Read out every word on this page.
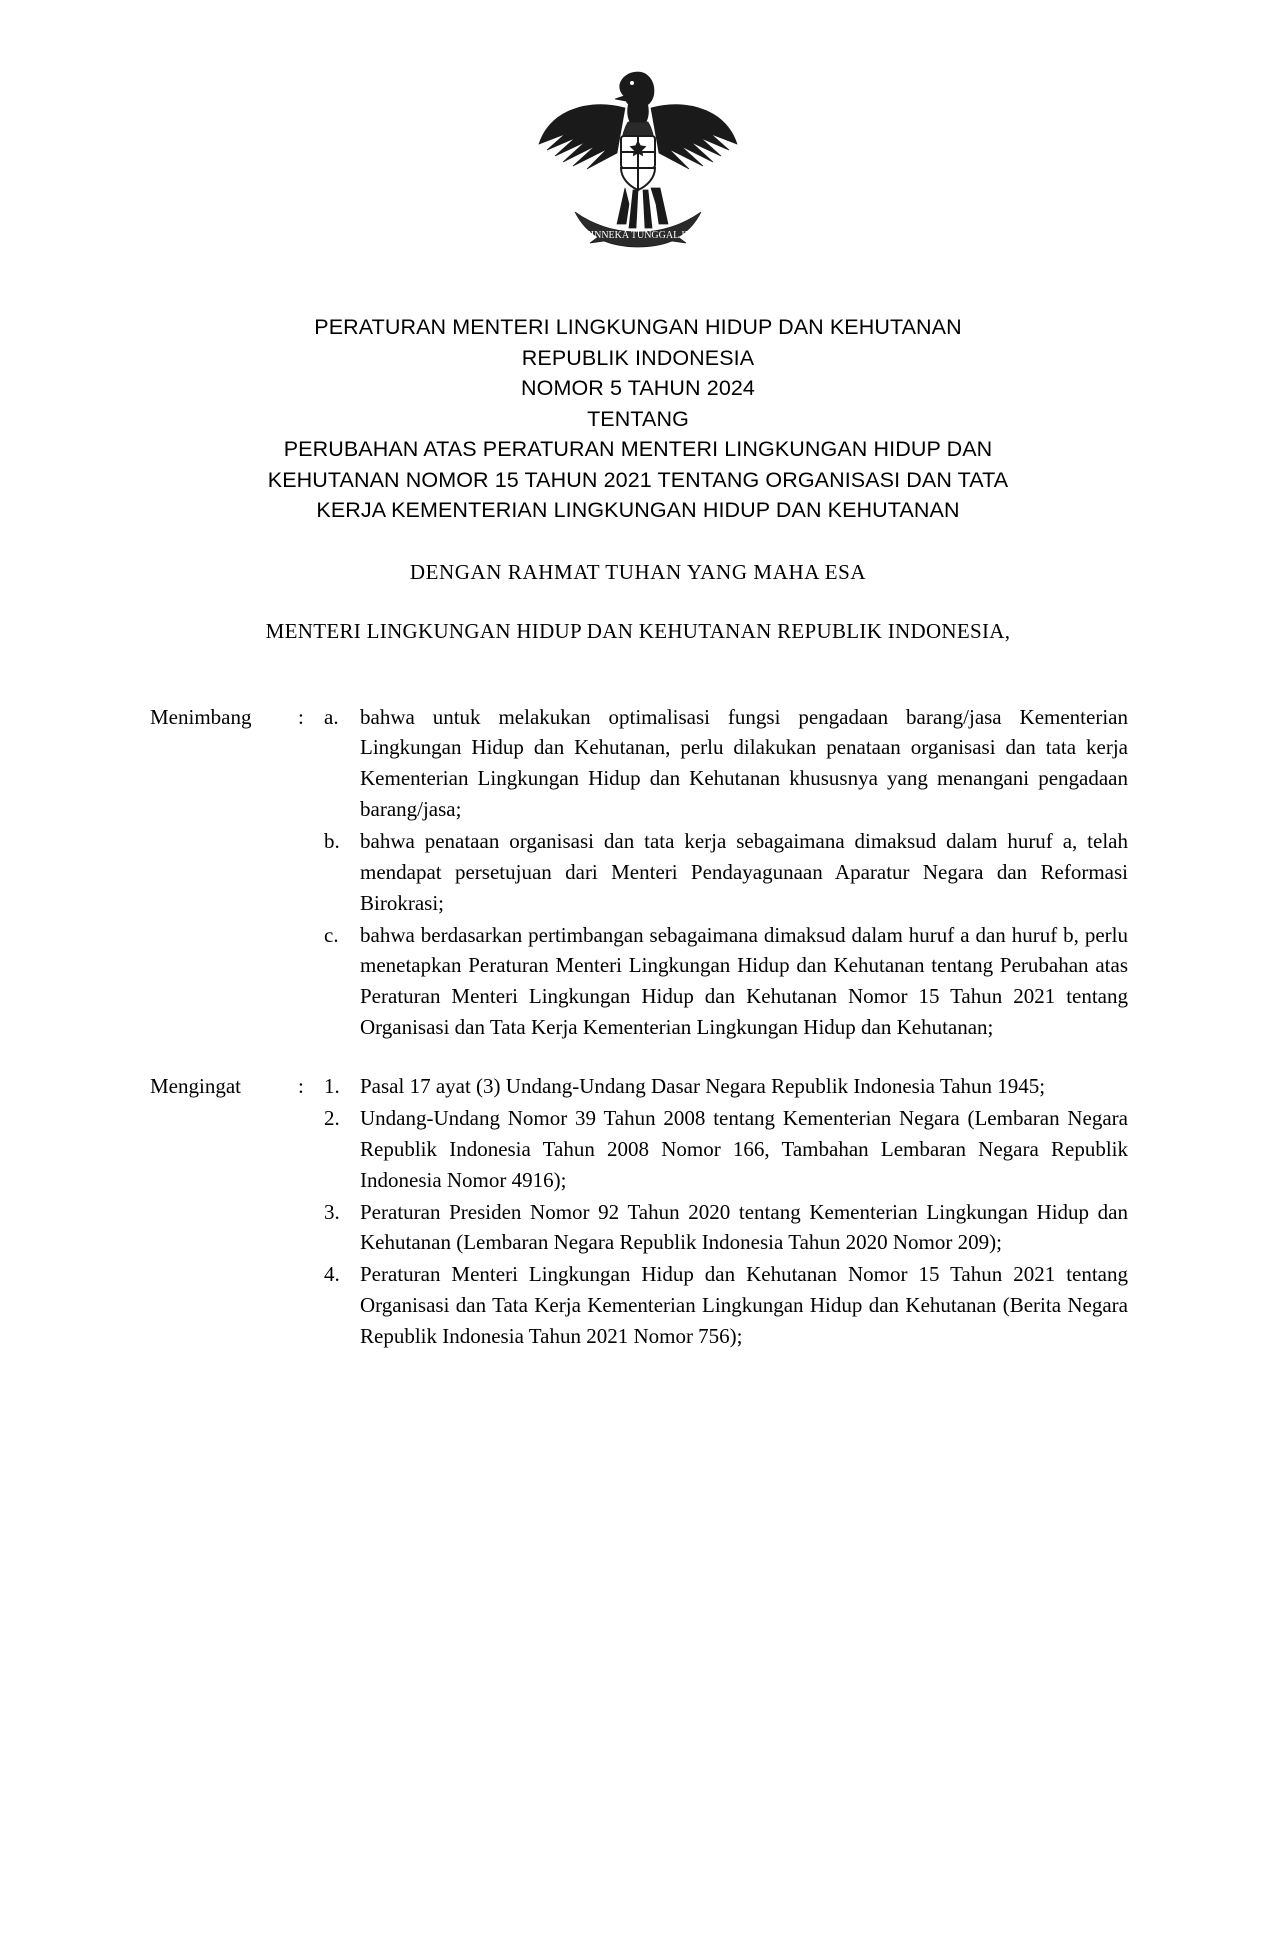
BHINNEKA TUNGGAL IKA
PERATURAN MENTERI LINGKUNGAN HIDUP DAN KEHUTANAN
REPUBLIK INDONESIA
NOMOR 5 TAHUN 2024
TENTANG
PERUBAHAN ATAS PERATURAN MENTERI LINGKUNGAN HIDUP DAN
KEHUTANAN NOMOR 15 TAHUN 2021 TENTANG ORGANISASI DAN TATA
KERJA KEMENTERIAN LINGKUNGAN HIDUP DAN KEHUTANAN
DENGAN RAHMAT TUHAN YANG MAHA ESA
MENTERI LINGKUNGAN HIDUP DAN KEHUTANAN REPUBLIK INDONESIA,
Menimbang	: a.	bahwa untuk melakukan optimalisasi fungsi pengadaan barang/jasa Kementerian Lingkungan Hidup dan Kehutanan, perlu dilakukan penataan organisasi dan tata kerja Kementerian Lingkungan Hidup dan Kehutanan khususnya yang menangani pengadaan barang/jasa;
b. bahwa penataan organisasi dan tata kerja sebagaimana dimaksud dalam huruf a, telah mendapat persetujuan dari Menteri Pendayagunaan Aparatur Negara dan Reformasi Birokrasi;
c.	bahwa berdasarkan pertimbangan sebagaimana dimaksud dalam huruf a dan huruf b, perlu menetapkan Peraturan Menteri Lingkungan Hidup dan Kehutanan tentang Perubahan atas Peraturan Menteri Lingkungan Hidup dan Kehutanan Nomor 15 Tahun 2021 tentang Organisasi dan Tata Kerja Kementerian Lingkungan Hidup dan Kehutanan;
Mengingat	: 1. Pasal 17 ayat (3) Undang-Undang Dasar Negara Republik Indonesia Tahun 1945;
2. Undang-Undang Nomor 39 Tahun 2008 tentang Kementerian Negara (Lembaran Negara Republik Indonesia Tahun 2008 Nomor 166, Tambahan Lembaran Negara Republik Indonesia Nomor 4916);
3. Peraturan Presiden Nomor 92 Tahun 2020 tentang Kementerian Lingkungan Hidup dan Kehutanan (Lembaran Negara Republik Indonesia Tahun 2020 Nomor 209);
4. Peraturan Menteri Lingkungan Hidup dan Kehutanan Nomor 15 Tahun 2021 tentang Organisasi dan Tata Kerja Kementerian Lingkungan Hidup dan Kehutanan (Berita Negara Republik Indonesia Tahun 2021 Nomor 756);
